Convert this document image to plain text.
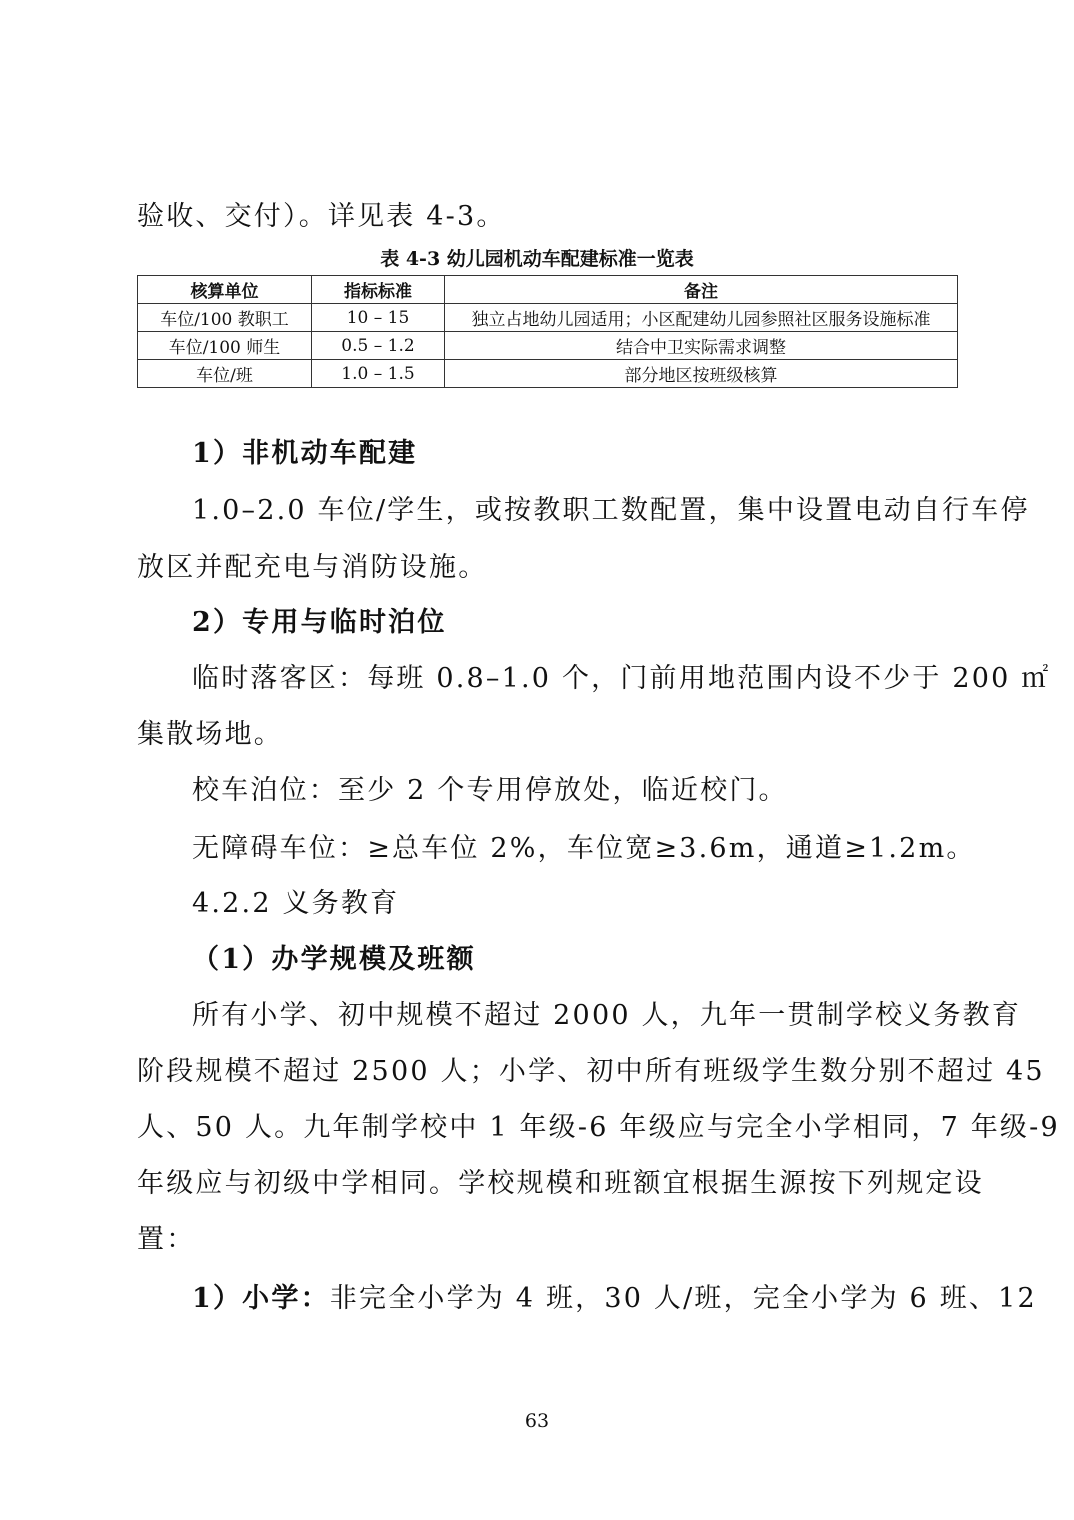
验收、交付）。详见表 4-3。
表 4-3 幼儿园机动车配建标准一览表
核算单位	指标标准	备注
车位/100 教职工	10 – 15	独立占地幼儿园适用；小区配建幼儿园参照社区服务设施标准
车位/100 师生	0.5 – 1.2	结合中卫实际需求调整
车位/班	1.0 – 1.5	部分地区按班级核算
1）非机动车配建
1.0–2.0 车位/学生，或按教职工数配置，集中设置电动自行车停
放区并配充电与消防设施。
2）专用与临时泊位
临时落客区：每班 0.8–1.0 个，门前用地范围内设不少于 200 ㎡
集散场地。
校车泊位：至少 2 个专用停放处，临近校门。
无障碍车位：≥总车位 2%，车位宽≥3.6m，通道≥1.2m。
4.2.2 义务教育
（1）办学规模及班额
所有小学、初中规模不超过 2000 人，九年一贯制学校义务教育
阶段规模不超过 2500 人；小学、初中所有班级学生数分别不超过 45
人、50 人。九年制学校中 1 年级-6 年级应与完全小学相同，7 年级-9
年级应与初级中学相同。学校规模和班额宜根据生源按下列规定设
置：
1）小学：非完全小学为 4 班，30 人/班，完全小学为 6 班、12
63
